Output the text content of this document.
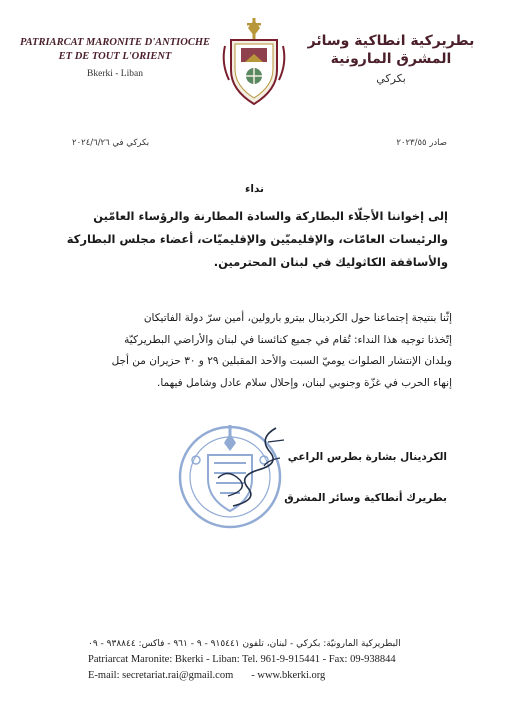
PATRIARCAT MARONITE D'ANTIOCHE
ET DE TOUT L'ORIENT
Bkerki - Liban
بطريركية انطاكية وسائر المشرق المارونية
بكركي
بكركي في ٢٠٢٤/٦/٢٦	صادر ٢٠٢٣/٥٥
نداء
إلى إخواننا الأجلّاء البطاركة والسادة المطارنة والرؤساء العامّين
والرئيسات العامّات، والإقليميّين والإقليميّات، أعضاء مجلس البطاركة
والأساقفة الكاثوليك في لبنان المحترمين.

إثّنا بنتيجة إجتماعنا حول الكردينال بيترو بارولين، أمين سرّ دولة الفاتيكان

إتّخذنا توجيه هذا النداء: تُقام في جميع كنائسنا في لبنان والأراضي البطريركيّة

وبلدان الإنتشار الصلوات يوميّ السبت والأحد المقبلين ٢٩ و ٣٠ حزيران من أجل

إنهاء الحرب في غزّة وجنوبي لبنان، وإحلال سلام عادل وشامل فيهما.

الكردينال بشارة بطرس الراعي
بطريرك أنطاكية وسائر المشرق
البطريركية المارونيّة: بكركي - لبنان، تلفون ٩١٥٤٤١ - ٩ - ٩٦١ - فاكس: ٩٣٨٨٤٤ - ٠٩
Patriarcat Maronite: Bkerki - Liban: Tel. 961-9-915441 - Fax: 09-938844
E-mail: secretariat.rai@gmail.com - www.bkerki.org
